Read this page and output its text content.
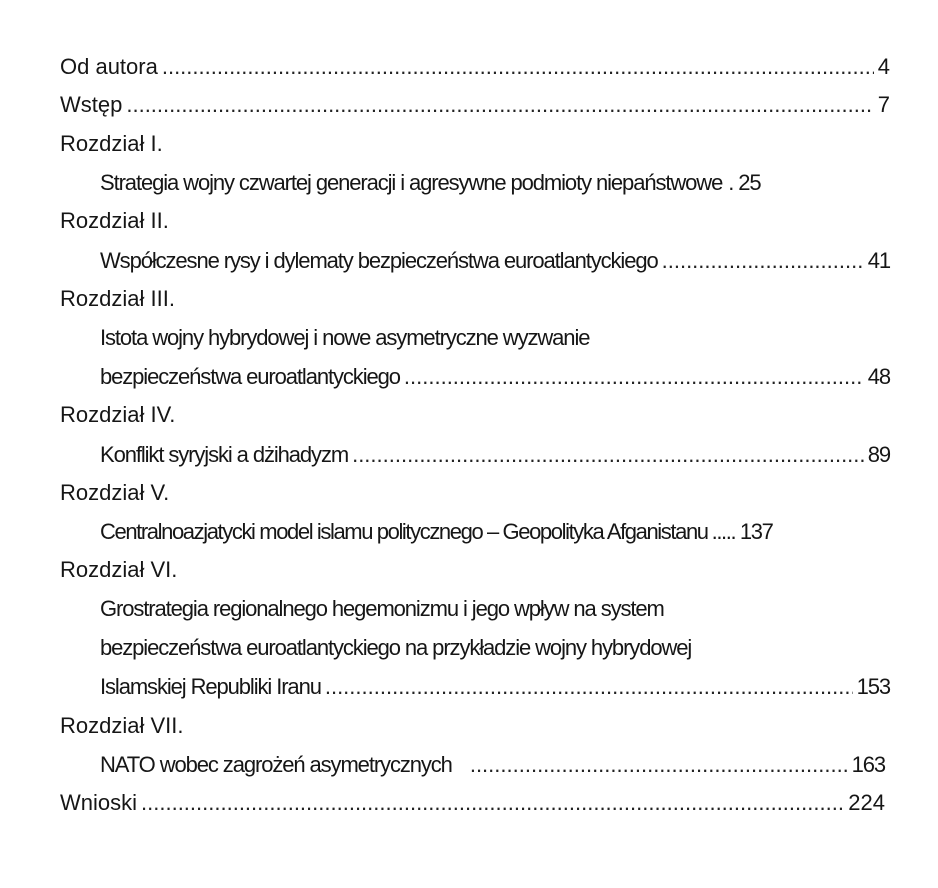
Od autora .....	4
Wstęp .....	7
Rozdział I.
Strategia wojny czwartej generacji i agresywne podmioty niepaństwowe . 25
Rozdział II.
Współczesne rysy i dylematy bezpieczeństwa euroatlantyckiego .....	41
Rozdział III.
Istota wojny hybrydowej i nowe asymetryczne wyzwanie
bezpieczeństwa euroatlantyckiego .....	48
Rozdział IV.
Konflikt syryjski a dżihadyzm .....	89
Rozdział V.
Centralnoazjatycki model islamu politycznego – Geopolityka Afganistanu ..... 137
Rozdział VI.
Grostrategia regionalnego hegemonizmu i jego wpływ na system
bezpieczeństwa euroatlantyckiego na przykładzie wojny hybrydowej
Islamskiej Republiki Iranu .....	153
Rozdział VII.
NATO wobec zagrożeń asymetrycznych .....	163
Wnioski .....	224
